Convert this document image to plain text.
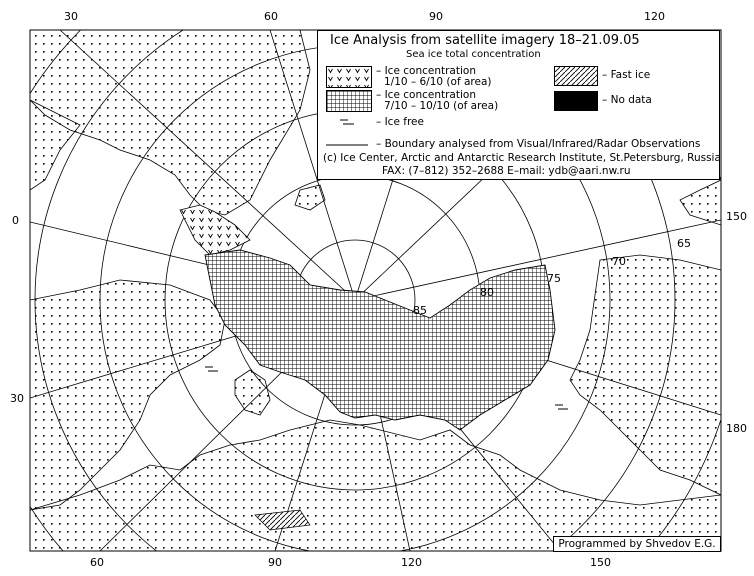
85
80
75
70
65
30	60	90	120
60	90	120	150
0
30
150
180
Ice Analysis from satellite imagery 18–21.09.05
Sea ice total concentration
– Ice concentration
1/10 – 6/10 (of area)
– Ice concentration
7/10 – 10/10 (of area)
– Ice free
– Fast ice
– No data
– Boundary analysed from Visual/Infrared/Radar Observations
(c) Ice Center, Arctic and Antarctic Research Institute, St.Petersburg, Russia
FAX: (7–812) 352–2688 E–mail: ydb@aari.nw.ru
Programmed by Shvedov E.G.
